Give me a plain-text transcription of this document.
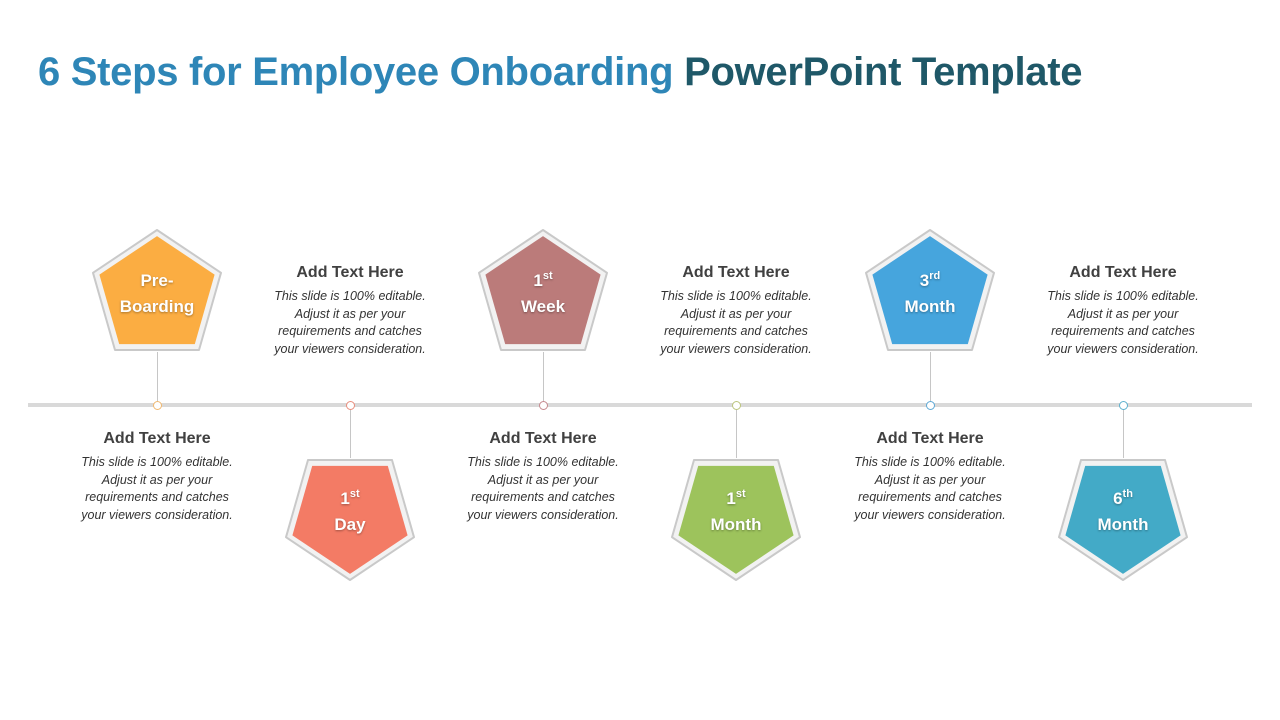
6 Steps for Employee Onboarding PowerPoint Template
Pre-
Boarding

Add Text Here

This slide is 100% editable. Adjust it as per your requirements and catches your viewers consideration.

1st
Day

Add Text Here

This slide is 100% editable. Adjust it as per your requirements and catches your viewers consideration.

1st
Week

Add Text Here

This slide is 100% editable. Adjust it as per your requirements and catches your viewers consideration.

1st
Month

Add Text Here

This slide is 100% editable. Adjust it as per your requirements and catches your viewers consideration.

3rd
Month

Add Text Here

This slide is 100% editable. Adjust it as per your requirements and catches your viewers consideration.

6th
Month

Add Text Here

This slide is 100% editable. Adjust it as per your requirements and catches your viewers consideration.
